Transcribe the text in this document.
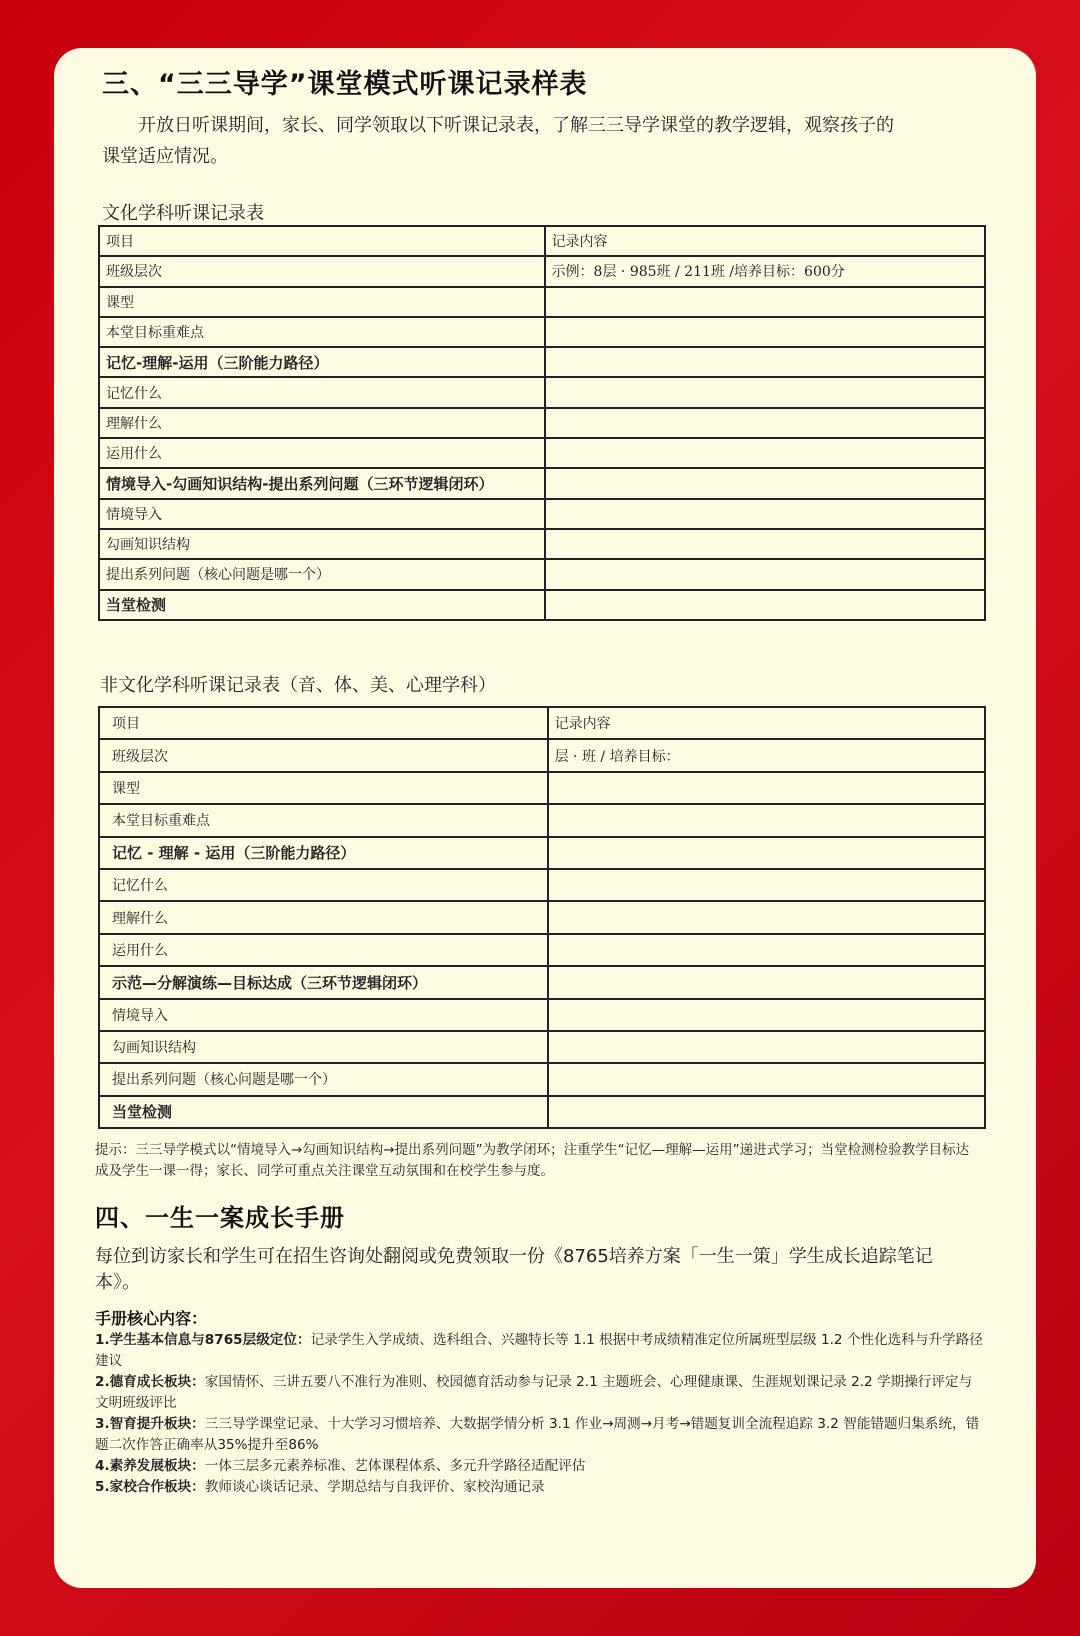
三、“三三导学”课堂模式听课记录样表
开放日听课期间，家长、同学领取以下听课记录表，了解三三导学课堂的教学逻辑，观察孩子的课堂适应情况。
文化学科听课记录表
项目	记录内容
班级层次	示例：8层 · 985班 / 211班 /培养目标：600分
课型	
本堂目标重难点	
记忆-理解-运用（三阶能力路径）	
记忆什么	
理解什么	
运用什么	
情境导入-勾画知识结构-提出系列问题（三环节逻辑闭环）	
情境导入	
勾画知识结构	
提出系列问题（核心问题是哪一个）	
当堂检测	
非文化学科听课记录表（音、体、美、心理学科）
项目	记录内容
班级层次	层 · 班 / 培养目标：
课型	
本堂目标重难点	
记忆 - 理解 - 运用（三阶能力路径）	
记忆什么	
理解什么	
运用什么	
示范—分解演练—目标达成（三环节逻辑闭环）	
情境导入	
勾画知识结构	
提出系列问题（核心问题是哪一个）	
当堂检测	
提示：三三导学模式以“情境导入→勾画知识结构→提出系列问题”为教学闭环；注重学生“记忆—理解—运用”递进式学习；当堂检测检验教学目标达成及学生一课一得；家长、同学可重点关注课堂互动氛围和在校学生参与度。
四、一生一案成长手册
每位到访家长和学生可在招生咨询处翻阅或免费领取一份《8765培养方案「一生一策」学生成长追踪笔记本》。
手册核心内容：
1.学生基本信息与8765层级定位：记录学生入学成绩、选科组合、兴趣特长等 1.1 根据中考成绩精准定位所属班型层级 1.2 个性化选科与升学路径建议
2.德育成长板块：家国情怀、三讲五要八不准行为准则、校园德育活动参与记录 2.1 主题班会、心理健康课、生涯规划课记录 2.2 学期操行评定与文明班级评比
3.智育提升板块：三三导学课堂记录、十大学习习惯培养、大数据学情分析 3.1 作业→周测→月考→错题复训全流程追踪 3.2 智能错题归集系统，错题二次作答正确率从35%提升至86%
4.素养发展板块：一体三层多元素养标准、艺体课程体系、多元升学路径适配评估
5.家校合作板块：教师谈心谈话记录、学期总结与自我评价、家校沟通记录
